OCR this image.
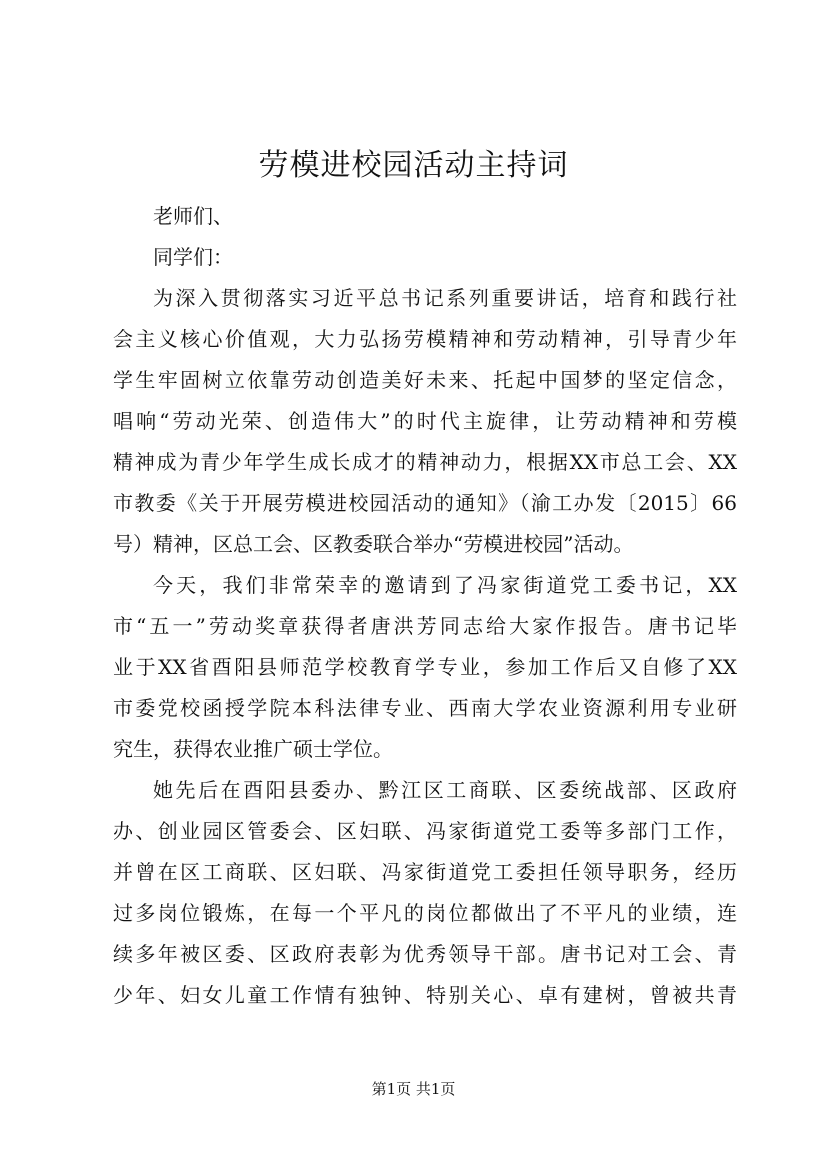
劳模进校园活动主持词
老师们、
同学们：
为深入贯彻落实习近平总书记系列重要讲话，培育和践行社
会主义核心价值观，大力弘扬劳模精神和劳动精神，引导青少年
学生牢固树立依靠劳动创造美好未来、托起中国梦的坚定信念，
唱响“劳动光荣、创造伟大”的时代主旋律，让劳动精神和劳模
精神成为青少年学生成长成才的精神动力，根据XX市总工会、XX
市教委《关于开展劳模进校园活动的通知》（渝工办发〔2015〕66
号）精神，区总工会、区教委联合举办“劳模进校园”活动。
今天，我们非常荣幸的邀请到了冯家街道党工委书记，XX
市“五一”劳动奖章获得者唐洪芳同志给大家作报告。唐书记毕
业于XX省酉阳县师范学校教育学专业，参加工作后又自修了XX
市委党校函授学院本科法律专业、西南大学农业资源利用专业研
究生，获得农业推广硕士学位。
她先后在酉阳县委办、黔江区工商联、区委统战部、区政府
办、创业园区管委会、区妇联、冯家街道党工委等多部门工作，
并曾在区工商联、区妇联、冯家街道党工委担任领导职务，经历
过多岗位锻炼，在每一个平凡的岗位都做出了不平凡的业绩，连
续多年被区委、区政府表彰为优秀领导干部。唐书记对工会、青
少年、妇女儿童工作情有独钟、特别关心、卓有建树，曾被共青
第1页 共1页
